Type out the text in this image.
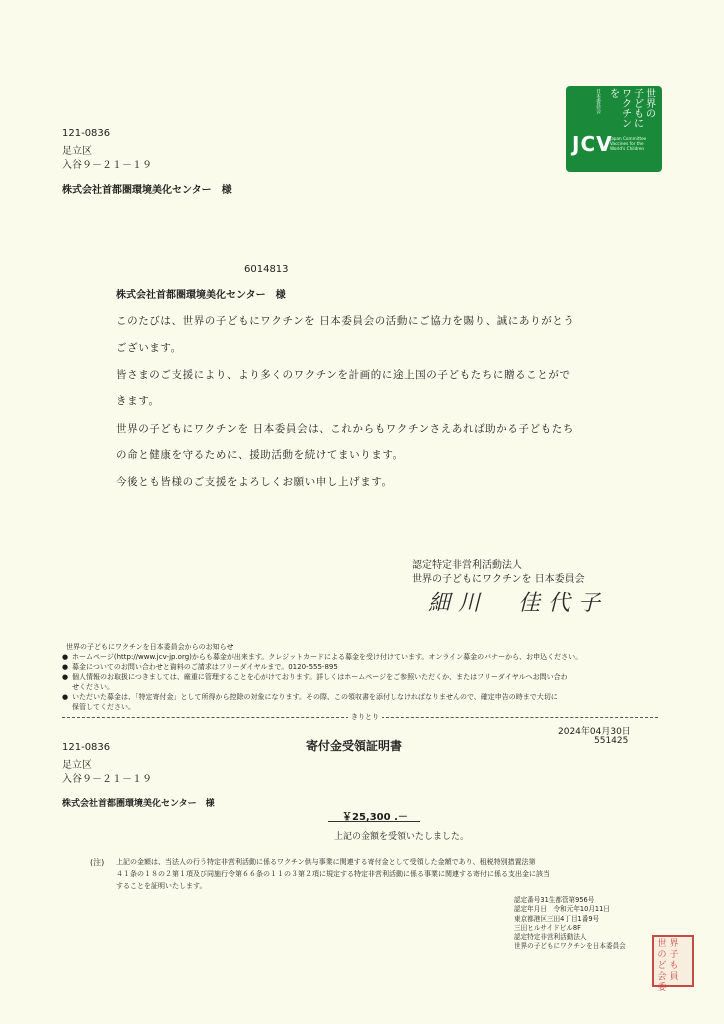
世界の
子どもに
ワクチン
を
日本委員会
JCV
Japan Committee Vaccines for the World's Children
121-0836
足立区
入谷９－２１－１９
株式会社首都圏環境美化センター　様
6014813
株式会社首都圏環境美化センター　様
このたびは、世界の子どもにワクチンを 日本委員会の活動にご協力を賜り、誠にありがとう
ございます。
皆さまのご支援により、より多くのワクチンを計画的に途上国の子どもたちに贈ることがで
きます。
世界の子どもにワクチンを 日本委員会は、これからもワクチンさえあれば助かる子どもたち
の命と健康を守るために、援助活動を続けてまいります。
今後とも皆様のご支援をよろしくお願い申し上げます。
認定特定非営利活動法人
世界の子どもにワクチンを 日本委員会
細川　佳代子
世界の子どもにワクチンを日本委員会からのお知らせ
● ホームページ(http://www.jcv-jp.org)からも募金が出来ます。クレジットカードによる募金を受け付けています。オンライン募金のバナーから、お申込ください。
● 募金についてのお問い合わせと資料のご請求はフリーダイヤルまで。0120-555-895
● 個人情報のお取扱につきましては、厳重に管理することを心がけております。詳しくはホームページをご参照いただくか、またはフリーダイヤルへお問い合わ
せください。
● いただいた募金は、「特定寄付金」として所得から控除の対象になります。その際、この領収書を添付しなければなりませんので、確定申告の時まで大切に
保管してください。
きりとり
2024年04月30日
551425
寄付金受領証明書
121-0836
足立区
入谷９－２１－１９
株式会社首都圏環境美化センター　様
￥25,300 .－
上記の金額を受領いたしました。
(注) 上記の金額は、当法人の行う特定非営利活動に係るワクチン供与事業に関連する寄付金として受領した金額であり、租税特別措置法第
４１条の１８の２第１項及び同施行令第６６条の１１の３第２項に規定する特定非営利活動に係る事業に関連する寄付に係る支出金に該当
することを証明いたします。
認定番号31生都管第956号
認定年月日　令和元年10月11日
東京都港区三田4丁目1番9号
三田ヒルサイドビル8F
認定特定非営利活動法人
世界の子どもにワクチンを日本委員会	世 界
の 子
ど も
会 員
委
